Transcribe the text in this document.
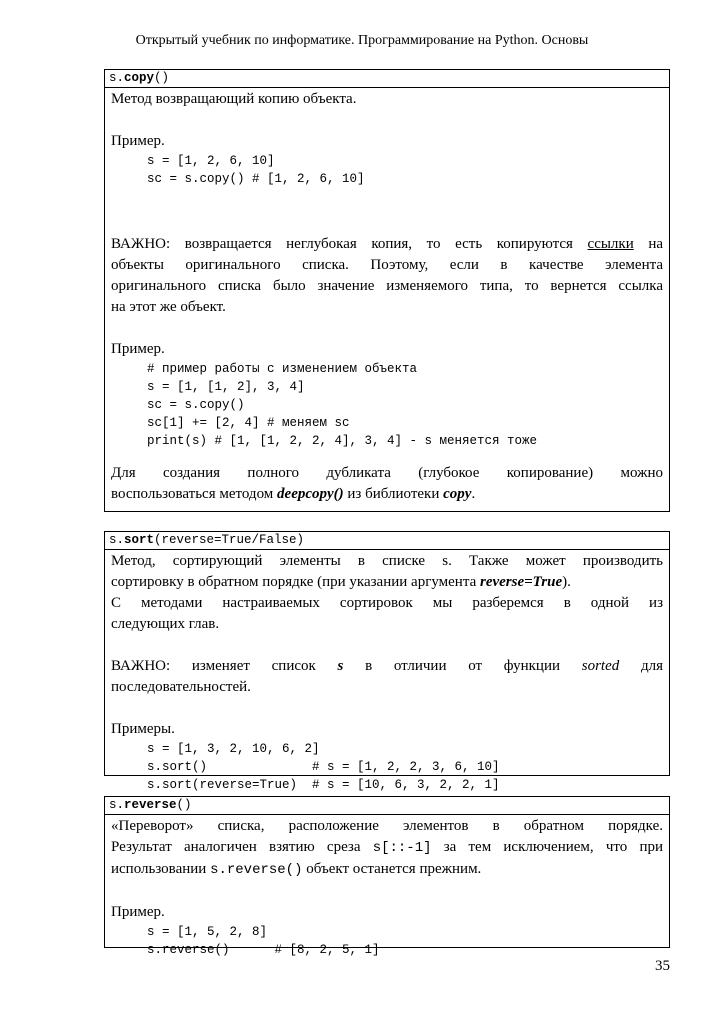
Открытый учебник по информатике. Программирование на Python. Основы
s.copy()
Метод возвращающий копию объекта.
Пример.
s = [1, 2, 6, 10]
sc = s.copy() # [1, 2, 6, 10]
ВАЖНО: возвращается неглубокая копия, то есть копируются ссылки на
объекты оригинального списка. Поэтому, если в качестве элемента
оригинального списка было значение изменяемого типа, то вернется ссылка
на этот же объект.
Пример.
# пример работы с изменением объекта
s = [1, [1, 2], 3, 4]
sc = s.copy()
sc[1] += [2, 4] # меняем sc
print(s) # [1, [1, 2, 2, 4], 3, 4] - s меняется тоже
Для создания полного дубликата (глубокое копирование) можно
воспользоваться методом deepcopy() из библиотеки copy.
s.sort(reverse=True/False)
Метод, сортирующий элементы в списке s. Также может производить
сортировку в обратном порядке (при указании аргумента reverse=True).
С методами настраиваемых сортировок мы разберемся в одной из
следующих глав.
ВАЖНО: изменяет список s в отличии от функции sorted для
последовательностей.
Примеры.
s = [1, 3, 2, 10, 6, 2]
s.sort()              # s = [1, 2, 2, 3, 6, 10]
s.sort(reverse=True)  # s = [10, 6, 3, 2, 2, 1]
s.reverse()
«Переворот» списка, расположение элементов в обратном порядке.
Результат аналогичен взятию среза s[::-1] за тем исключением, что при
использовании s.reverse() объект останется прежним.
Пример.
s = [1, 5, 2, 8]
s.reverse()      # [8, 2, 5, 1]
35
